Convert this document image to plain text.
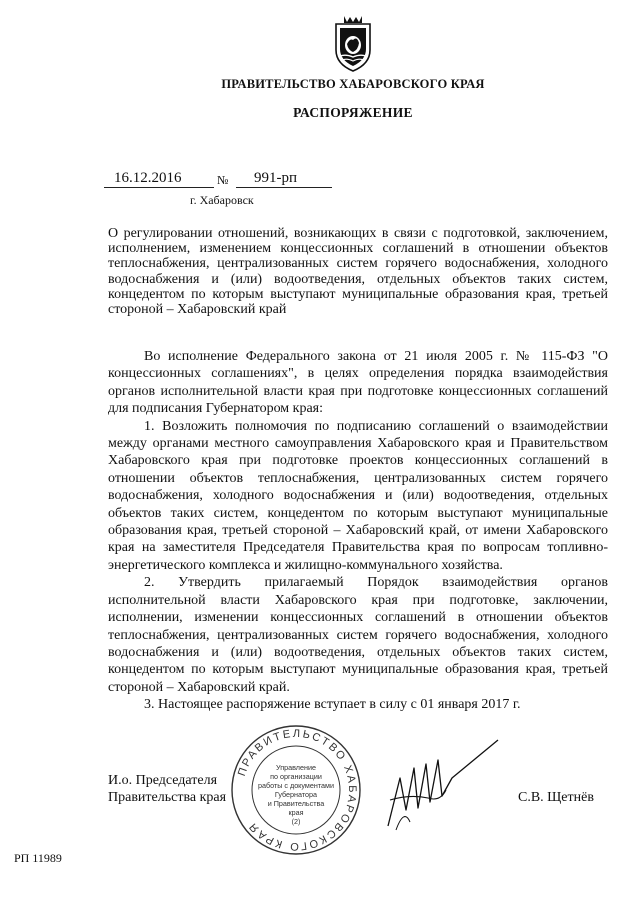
ПРАВИТЕЛЬСТВО ХАБАРОВСКОГО КРАЯ
РАСПОРЯЖЕНИЕ
16.12.2016	№ 991-рп
г. Хабаровск
О регулировании отношений, возникающих в связи с подготовкой, заключением, исполнением, изменением концессионных соглашений в отношении объектов теплоснабжения, централизованных систем горячего водоснабжения, холодного водоснабжения и (или) водоотведения, отдельных объектов таких систем, концедентом по которым выступают муниципальные образования края, третьей стороной – Хабаровский край

Во исполнение Федерального закона от 21 июля 2005 г. № 115-ФЗ "О концессионных соглашениях", в целях определения порядка взаимодействия органов исполнительной власти края при подготовке концессионных соглашений для подписания Губернатором края:

1. Возложить полномочия по подписанию соглашений о взаимодействии между органами местного самоуправления Хабаровского края и Правительством Хабаровского края при подготовке проектов концессионных соглашений в отношении объектов теплоснабжения, централизованных систем горячего водоснабжения, холодного водоснабжения и (или) водоотведения, отдельных объектов таких систем, концедентом по которым выступают муниципальные образования края, третьей стороной – Хабаровский край, от имени Хабаровского края на заместителя Председателя Правительства края по вопросам топливно-энергетического комплекса и жилищно-коммунального хозяйства.

2. Утвердить прилагаемый Порядок взаимодействия органов исполнительной власти Хабаровского края при подготовке, заключении, исполнении, изменении концессионных соглашений в отношении объектов теплоснабжения, централизованных систем горячего водоснабжения, холодного водоснабжения и (или) водоотведения, отдельных объектов таких систем, концедентом по которым выступают муниципальные образования края, третьей стороной – Хабаровский край.

3. Настоящее распоряжение вступает в силу с 01 января 2017 г.

И.о. Председателя
Правительства края
ПРАВИТЕЛЬСТВО ХАБАРОВСКОГО КРАЯ
Управление
по организации
работы с документами
Губернатора
и Правительства
края
(2)
С.В. Щетнёв
РП 11989
